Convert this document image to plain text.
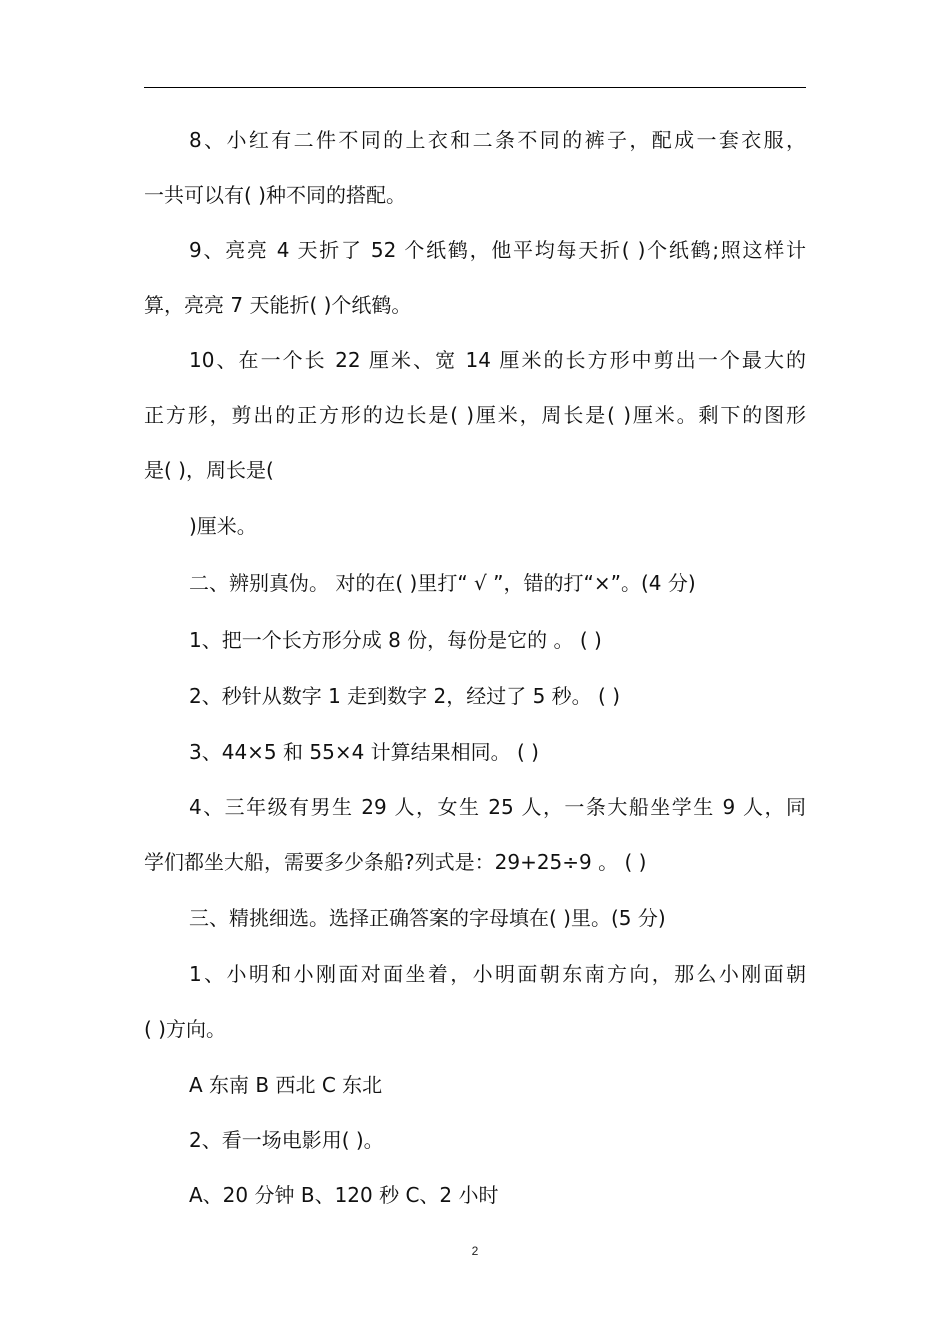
8、小红有二件不同的上衣和二条不同的裤子，配成一套衣服，
一共可以有( )种不同的搭配。
9、亮亮 4 天折了 52 个纸鹤，他平均每天折( )个纸鹤;照这样计
算，亮亮 7 天能折( )个纸鹤。
10、在一个长 22 厘米、宽 14 厘米的长方形中剪出一个最大的
正方形，剪出的正方形的边长是( )厘米，周长是( )厘米。剩下的图形
是( )，周长是(
)厘米。
二、辨别真伪。 对的在( )里打“ √ ”，错的打“×”。(4 分)
1、把一个长方形分成 8 份，每份是它的 。 ( )
2、秒针从数字 1 走到数字 2，经过了 5 秒。 ( )
3、44×5 和 55×4 计算结果相同。 ( )
4、三年级有男生 29 人，女生 25 人，一条大船坐学生 9 人，同
学们都坐大船，需要多少条船?列式是：29+25÷9 。 ( )
三、精挑细选。选择正确答案的字母填在( )里。(5 分)
1、小明和小刚面对面坐着，小明面朝东南方向，那么小刚面朝
( )方向。
A 东南 B 西北 C 东北
2、看一场电影用( )。
A、20 分钟 B、120 秒 C、2 小时
2
